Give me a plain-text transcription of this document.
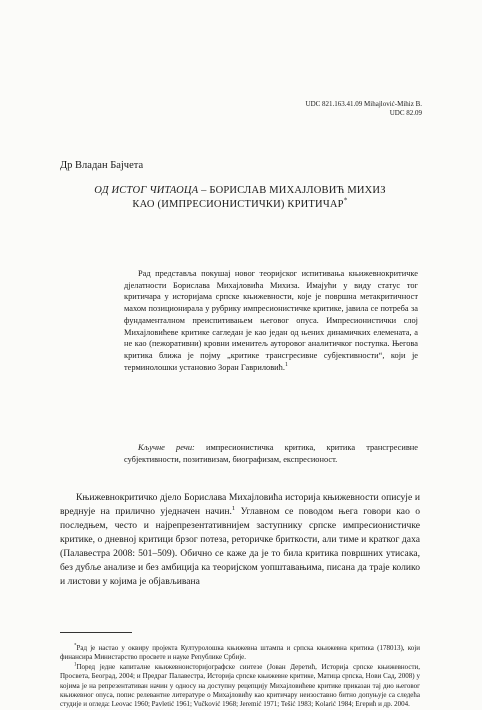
UDC 821.163.41.09 Mihajlović-Mihiz B.
UDC 82.09
Др Владан Бајчета
ОД ИСТОГ ЧИТАОЦА – БОРИСЛАВ МИХАЈЛОВИЋ МИХИЗ
КАО (ИМПРЕСИОНИСТИЧКИ) КРИТИЧАР*

Рад представља покушај новог теоријског испитивања књижевнокритичке дјелатности Борислава Михајловића Михиза. Имајући у виду статус тог критичара у историјама српске књижевности, које је површна метакритичност махом позиционирала у рубрику импресионистичке критике, јавила се потреба за фундаменталном преиспитивањем његовог опуса. Импресионистички слој Михајловићеве критике сагледан је као један од њених динамичких елемената, а не као (пежоративни) кровни именитељ ауторовог аналитичког поступка. Његова критика ближа је појму „критике трансгресивне субјективности“, који је терминолошки установио Зоран Гавриловић.$^1$

Кључне речи: импресионистичка критика, критика трансгресивне субјективности, позитивизам, биографизам, експресионост.

Књижевнокритичко дјело Борислава Михајловића историја књижевности описује и вреднује на прилично уједначен начин.$^1$ Углавном се поводом њега говори као о последњем, често и најрепрезентативнијем заступнику српске импресионистичке критике, о дневној критици брзог потеза, реторичке бриткости, али тиме и кратког даха (Палавестра 2008: 501–509). Обично се каже да је то била критика површних утисака, без дубље анализе и без амбиција ка теоријском уопштавањима, писана да траје колико и листови у којима је објављивана

*Рад је настао у оквиру пројекта Културолошка књижевна штампа и српска књижевна критика (178013), који финансира Министарство просвете и науке Републике Србије.

$^1$Поред једне капиталне књижевноисторијографске синтезе (Јован Деретић, Историја српске књижевности, Просвета, Београд, 2004; и Предраг Палавестра, Историја српске књижевне критике, Матица српска, Нови Сад, 2008) у којима је на репрезентативан начин у односу на доступну рецепцију Михајловићеве критике приказан тај дио његовог књижевног опуса, попис релевантне литературе о Михајловићу као критичару неизоставно битно допуњује са следећа студије и огледа: Leovac 1960; Pavletić 1961; Vučković 1968; Jeremić 1971; Tešić 1983; Kolarić 1984; Егерић и др. 2004.
